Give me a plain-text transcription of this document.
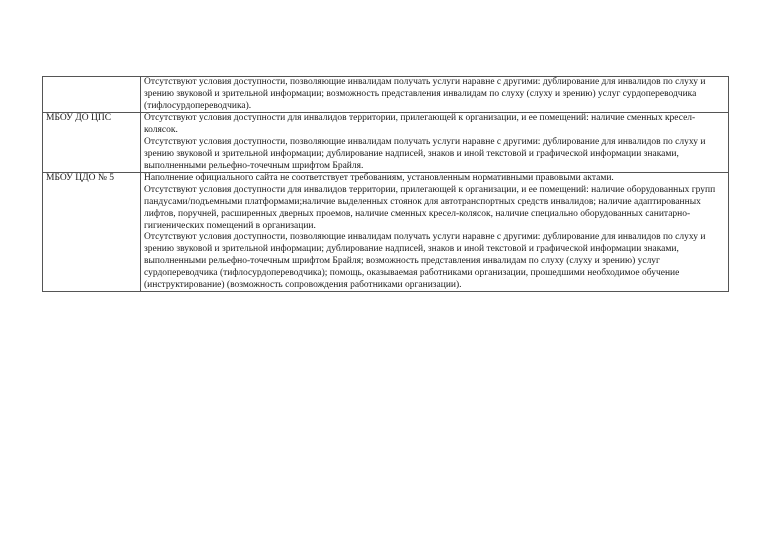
	Отсутствуют условия доступности, позволяющие инвалидам получать услуги наравне с другими: дублирование для инвалидов по слуху и зрению звуковой и зрительной информации; возможность представления инвалидам по слуху (слуху и зрению) услуг сурдопереводчика (тифлосурдопереводчика).

МБОУ ДО ЦПС	Отсутствуют условия доступности для инвалидов территории, прилегающей к организации, и ее помещений: наличие сменных кресел-колясок.

Отсутствуют условия доступности, позволяющие инвалидам получать услуги наравне с другими: дублирование для инвалидов по слуху и зрению звуковой и зрительной информации; дублирование надписей, знаков и иной текстовой и графической информации знаками, выполненными рельефно-точечным шрифтом Брайля.

МБОУ ЦДО № 5	Наполнение официального сайта не соответствует требованиям, установленным нормативными правовыми актами.

Отсутствуют условия доступности для инвалидов территории, прилегающей к организации, и ее помещений: наличие оборудованных групп пандусами/подъемными платформами;наличие выделенных стоянок для автотранспортных средств инвалидов; наличие адаптированных лифтов, поручней, расширенных дверных проемов, наличие сменных кресел-колясок, наличие специально оборудованных санитарно-гигиенических помещений в организации.

Отсутствуют условия доступности, позволяющие инвалидам получать услуги наравне с другими: дублирование для инвалидов по слуху и зрению звуковой и зрительной информации; дублирование надписей, знаков и иной текстовой и графической информации знаками, выполненными рельефно-точечным шрифтом Брайля; возможность представления инвалидам по слуху (слуху и зрению) услуг сурдопереводчика (тифлосурдопереводчика); помощь, оказываемая работниками организации, прошедшими необходимое обучение (инструктирование) (возможность сопровождения работниками организации).
